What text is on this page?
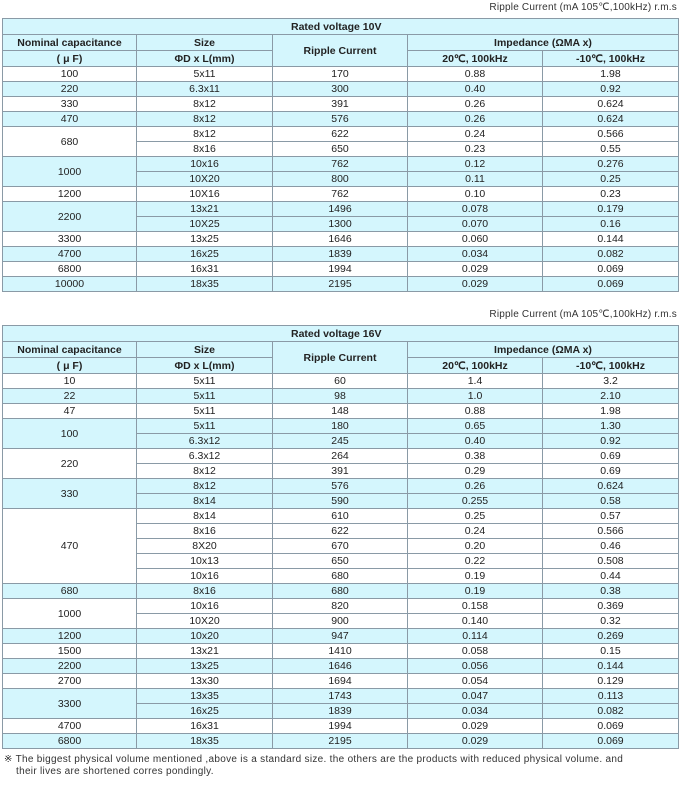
Ripple Current (mA 105℃,100kHz) r.m.s
Rated voltage 10V				
Nominal capacitance	Size	Ripple Current	Impedance (ΩMA x)	
( μ F)	ΦD x L(mm)		20℃, 100kHz	-10℃, 100kHz
100	5x11	170	0.88	1.98
220	6.3x11	300	0.40	0.92
330	8x12	391	0.26	0.624
470	8x12	576	0.26	0.624
680	8x12	622	0.24	0.566
	8x16	650	0.23	0.55
1000	10x16	762	0.12	0.276
	10X20	800	0.11	0.25
1200	10X16	762	0.10	0.23
2200	13x21	1496	0.078	0.179
	10X25	1300	0.070	0.16
3300	13x25	1646	0.060	0.144
4700	16x25	1839	0.034	0.082
6800	16x31	1994	0.029	0.069
10000	18x35	2195	0.029	0.069
Ripple Current (mA 105℃,100kHz) r.m.s
Rated voltage 16V				
Nominal capacitance	Size	Ripple Current	Impedance (ΩMA x)	
( μ F)	ΦD x L(mm)		20℃, 100kHz	-10℃, 100kHz
10	5x11	60	1.4	3.2
22	5x11	98	1.0	2.10
47	5x11	148	0.88	1.98
100	5x11	180	0.65	1.30
	6.3x12	245	0.40	0.92
220	6.3x12	264	0.38	0.69
	8x12	391	0.29	0.69
330	8x12	576	0.26	0.624
	8x14	590	0.255	0.58
470	8x14	610	0.25	0.57
	8x16	622	0.24	0.566
	8X20	670	0.20	0.46
	10x13	650	0.22	0.508
	10x16	680	0.19	0.44
680	8x16	680	0.19	0.38
1000	10x16	820	0.158	0.369
	10X20	900	0.140	0.32
1200	10x20	947	0.114	0.269
1500	13x21	1410	0.058	0.15
2200	13x25	1646	0.056	0.144
2700	13x30	1694	0.054	0.129
3300	13x35	1743	0.047	0.113
	16x25	1839	0.034	0.082
4700	16x31	1994	0.029	0.069
6800	18x35	2195	0.029	0.069
※ The biggest physical volume mentioned ,above is a standard size. the others are the products with reduced physical volume. and
their lives are shortened corres pondingly.
